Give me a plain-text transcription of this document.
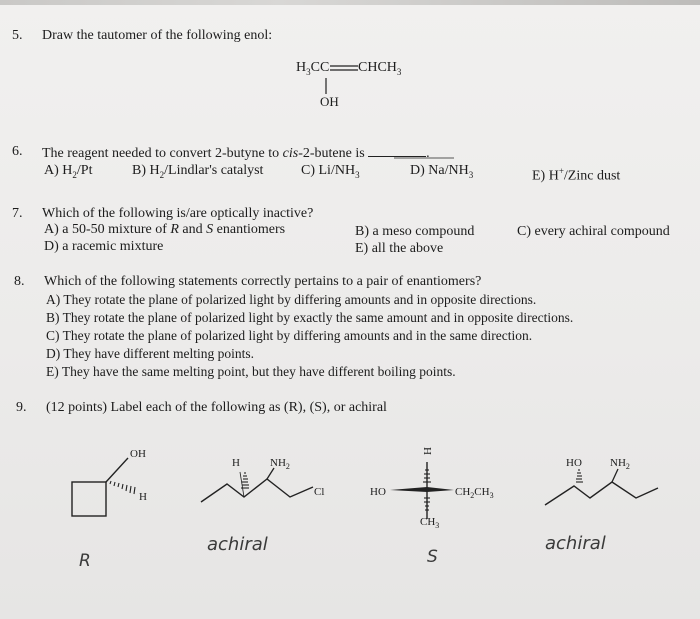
5. Draw the tautomer of the following enol:
$H_3CC$ $CHCH_3$
OH
6. The reagent needed to convert 2-butyne to cis-2-butene is	.
A) $H_2/Pt$	B) $H_2/Lindlar's$ catalyst	C) $Li/NH_3$	D) $Na/NH_3$	E) H+/Zinc dust
7. Which of the following is/are optically inactive?
A) a 50-50 mixture of R and S enantiomers	B) a meso compound	C) every achiral compound
D) a racemic mixture	E) all the above
8. Which of the following statements correctly pertains to a pair of enantiomers?
A) They rotate the plane of polarized light by differing amounts and in opposite directions.
B) They rotate the plane of polarized light by exactly the same amount and in opposite directions.
C) They rotate the plane of polarized light by differing amounts and in the same direction.
D) They have different melting points.
E) They have the same melting point, but they have different boiling points.
9. (12 points) Label each of the following as (R), (S), or achiral
OH
H
H	$NH_2$
Cl
H
HO	$CH_2CH_3$
$CH_3$
HO	$NH_2$
R
achiral
S
achiral
